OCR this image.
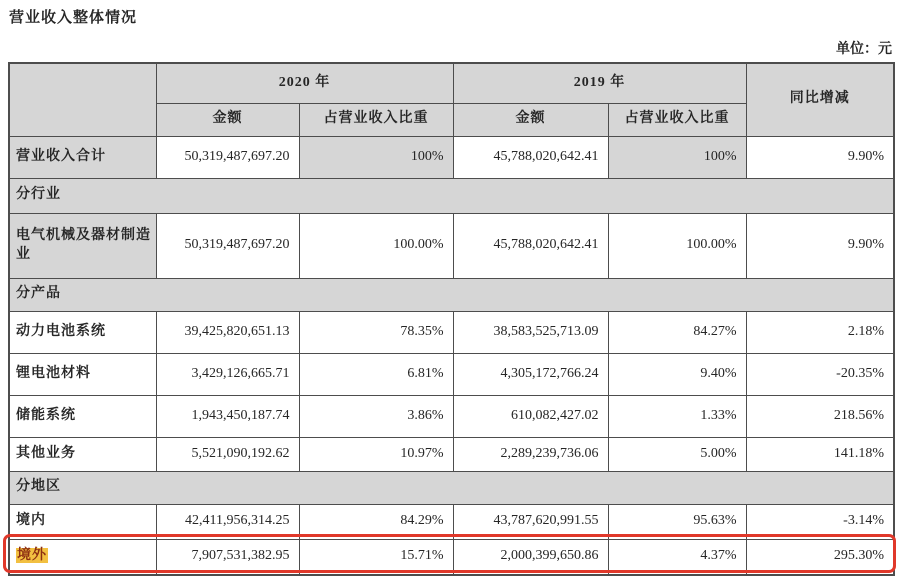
营业收入整体情况
单位：元
	2020 年		2019 年		同比增减
	金额	占营业收入比重	金额	占营业收入比重	
营业收入合计	50,319,487,697.20	100%	45,788,020,642.41	100%	9.90%
分行业					
电气机械及器材制造业	50,319,487,697.20	100.00%	45,788,020,642.41	100.00%	9.90%
分产品					
动力电池系统	39,425,820,651.13	78.35%	38,583,525,713.09	84.27%	2.18%
锂电池材料	3,429,126,665.71	6.81%	4,305,172,766.24	9.40%	-20.35%
储能系统	1,943,450,187.74	3.86%	610,082,427.02	1.33%	218.56%
其他业务	5,521,090,192.62	10.97%	2,289,239,736.06	5.00%	141.18%
分地区					
境内	42,411,956,314.25	84.29%	43,787,620,991.55	95.63%	-3.14%
境外	7,907,531,382.95	15.71%	2,000,399,650.86	4.37%	295.30%
